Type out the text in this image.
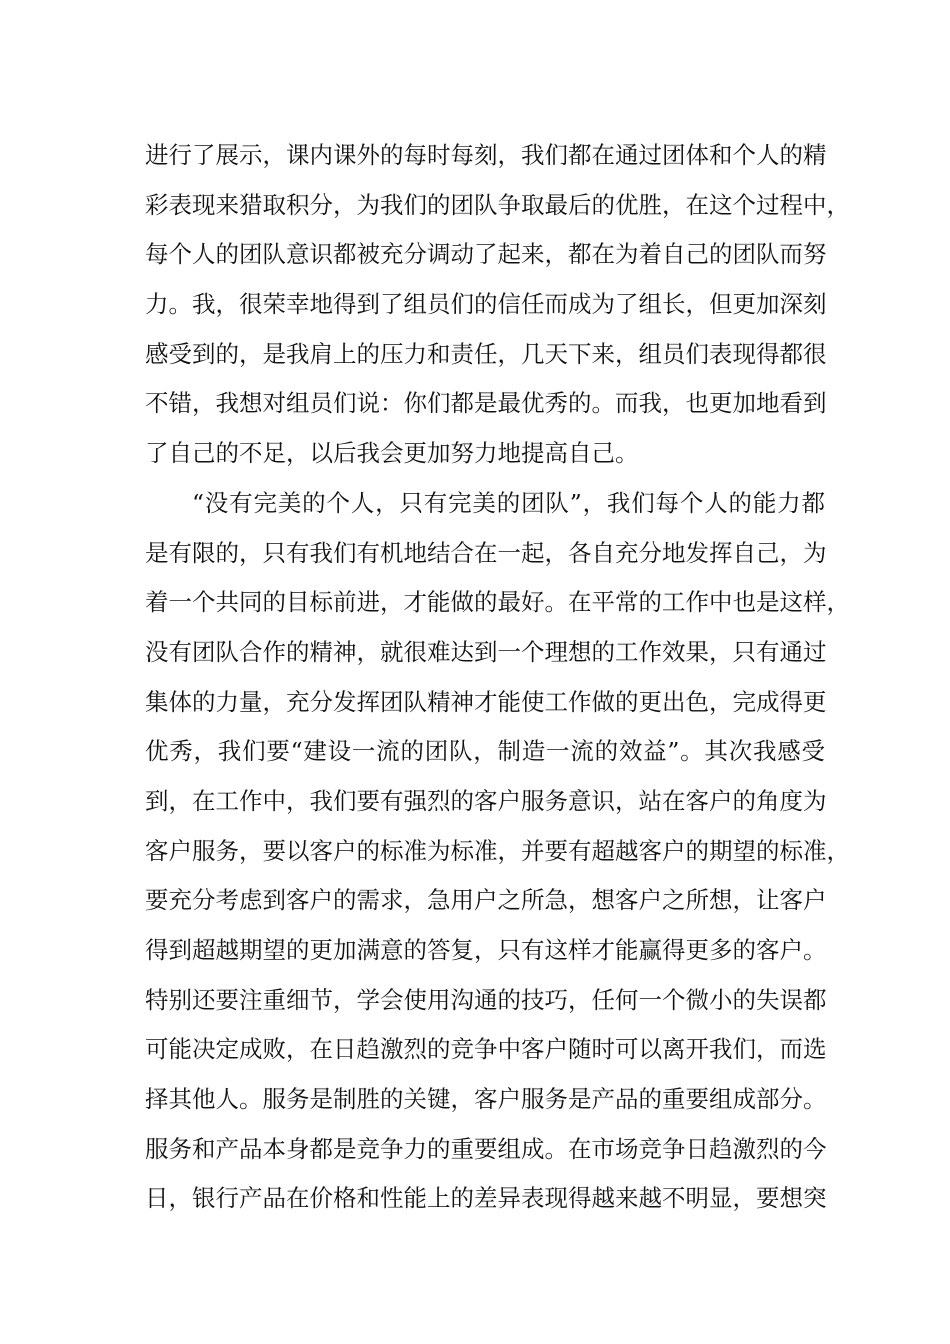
进行了展示，课内课外的每时每刻，我们都在通过团体和个人的精
彩表现来猎取积分，为我们的团队争取最后的优胜，在这个过程中，
每个人的团队意识都被充分调动了起来，都在为着自己的团队而努
力。我，很荣幸地得到了组员们的信任而成为了组长，但更加深刻
感受到的，是我肩上的压力和责任，几天下来，组员们表现得都很
不错，我想对组员们说：你们都是最优秀的。而我，也更加地看到
了自己的不足，以后我会更加努力地提高自己。
“没有完美的个人，只有完美的团队”，我们每个人的能力都
是有限的，只有我们有机地结合在一起，各自充分地发挥自己，为
着一个共同的目标前进，才能做的最好。在平常的工作中也是这样，
没有团队合作的精神，就很难达到一个理想的工作效果，只有通过
集体的力量，充分发挥团队精神才能使工作做的更出色，完成得更
优秀，我们要“建设一流的团队，制造一流的效益”。其次我感受
到，在工作中，我们要有强烈的客户服务意识，站在客户的角度为
客户服务，要以客户的标准为标准，并要有超越客户的期望的标准，
要充分考虑到客户的需求，急用户之所急，想客户之所想，让客户
得到超越期望的更加满意的答复，只有这样才能赢得更多的客户。
特别还要注重细节，学会使用沟通的技巧，任何一个微小的失误都
可能决定成败，在日趋激烈的竞争中客户随时可以离开我们，而选
择其他人。服务是制胜的关键，客户服务是产品的重要组成部分。
服务和产品本身都是竞争力的重要组成。在市场竞争日趋激烈的今
日，银行产品在价格和性能上的差异表现得越来越不明显，要想突
